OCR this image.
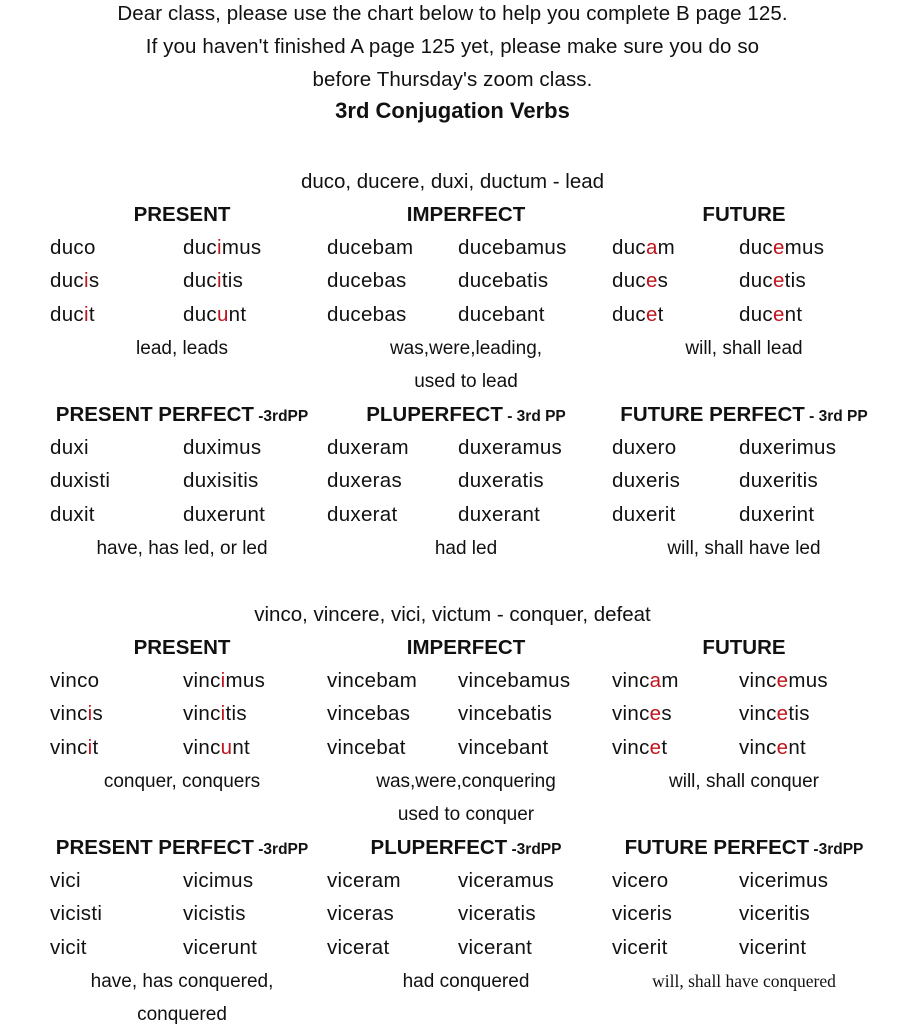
Dear class, please use the chart below to help you complete B page 125.
If you haven't finished A page 125 yet, please make sure you do so
before Thursday's zoom class.
3rd Conjugation Verbs
duco, ducere, duxi, ductum - lead
PRESENT
duco	ducimus
ducis	ducitis
ducit	ducunt
lead, leads
IMPERFECT
ducebam ducebamus
ducebas	ducebatis
ducebas	ducebant
was,were,leading,
used to lead
FUTURE
ducam	ducemus
duces	ducetis
ducet	ducent
will, shall lead
PRESENT PERFECT -3rdPP
duxi	duximus
duxisti	duxisitis
duxit	duxerunt
have, has led, or led
PLUPERFECT - 3rd PP
duxeram duxeramus
duxeras	duxeratis
duxerat	duxerant
had led
FUTURE PERFECT - 3rd PP
duxero	duxerimus
duxeris	duxeritis
duxerit	duxerint
will, shall have led
vinco, vincere, vici, victum - conquer, defeat
PRESENT
vinco	vincimus
vincis	vincitis
vincit	vincunt
conquer, conquers
IMPERFECT
vincebam vincebamus
vincebas vincebatis
vincebat	vincebant
was,were,conquering
used to conquer
FUTURE
vincam	vincemus
vinces	vincetis
vincet	vincent
will, shall conquer
PRESENT PERFECT -3rdPP
vici	vicimus
vicisti	vicistis
vicit	vicerunt
have, has conquered,
conquered
PLUPERFECT -3rdPP
viceram	viceramus
viceras	viceratis
vicerat	vicerant
had conquered
FUTURE PERFECT -3rdPP
vicero	vicerimus
viceris	viceritis
vicerit	vicerint
will, shall have conquered
